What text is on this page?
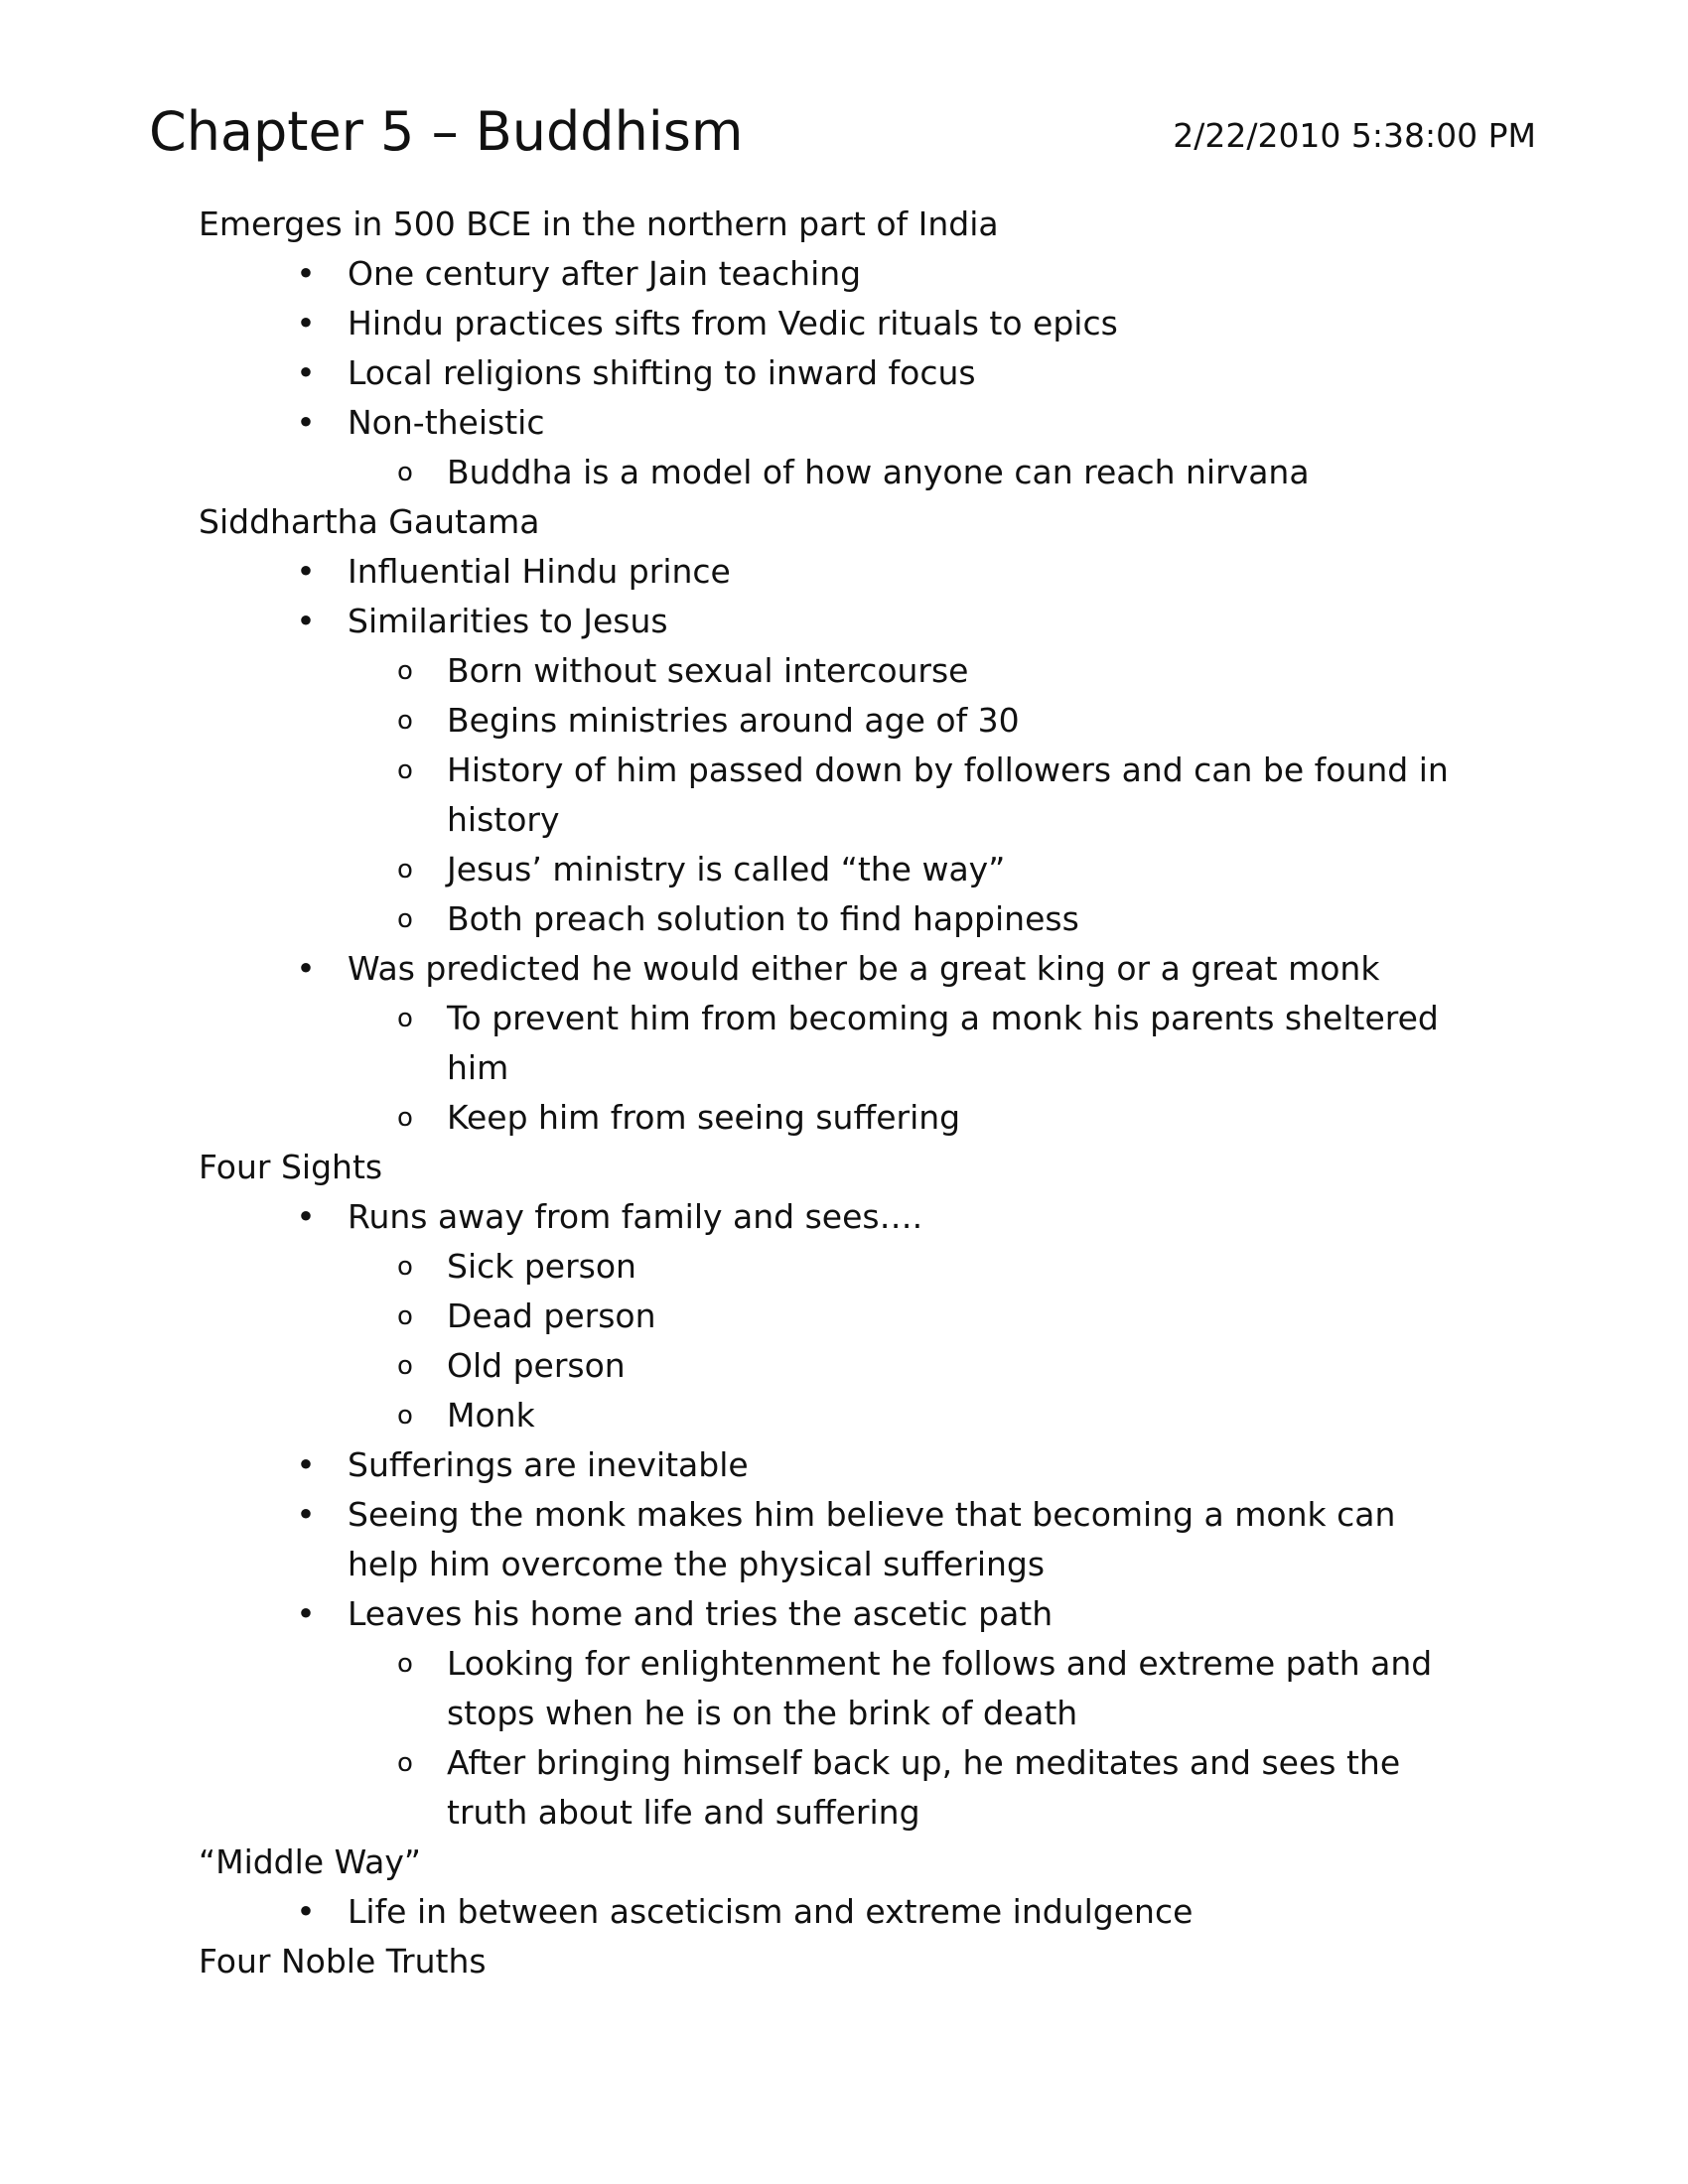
Chapter 5 – Buddhism	2/22/2010 5:38:00 PM
Emerges in 500 BCE in the northern part of India
• One century after Jain teaching
• Hindu practices sifts from Vedic rituals to epics
• Local religions shifting to inward focus
• Non-theistic
o Buddha is a model of how anyone can reach nirvana
Siddhartha Gautama
• Influential Hindu prince
• Similarities to Jesus
o Born without sexual intercourse
o Begins ministries around age of 30
o History of him passed down by followers and can be found in
history
o Jesus’ ministry is called “the way”
o Both preach solution to find happiness
• Was predicted he would either be a great king or a great monk
o To prevent him from becoming a monk his parents sheltered
him
o Keep him from seeing suffering
Four Sights
• Runs away from family and sees….
o Sick person
o Dead person
o Old person
o Monk
• Sufferings are inevitable
• Seeing the monk makes him believe that becoming a monk can
help him overcome the physical sufferings
• Leaves his home and tries the ascetic path
o Looking for enlightenment he follows and extreme path and
stops when he is on the brink of death
o After bringing himself back up, he meditates and sees the
truth about life and suffering
“Middle Way”
• Life in between asceticism and extreme indulgence
Four Noble Truths
